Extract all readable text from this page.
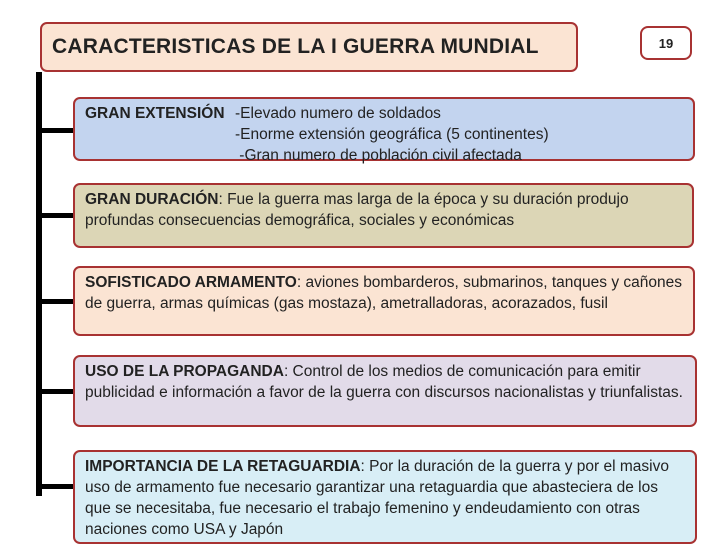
CARACTERISTICAS DE LA I GUERRA MUNDIAL	19
GRAN EXTENSIÓN -Elevado numero de soldados
-Enorme extensión geográfica (5 continentes)
-Gran numero de población civil afectada
GRAN DURACIÓN: Fue la guerra mas larga de la época y su duración produjo profundas consecuencias demográfica, sociales y económicas
SOFISTICADO ARMAMENTO: aviones bombarderos, submarinos, tanques y cañones de guerra, armas químicas (gas mostaza), ametralladoras, acorazados, fusil
USO DE LA PROPAGANDA: Control de los medios de comunicación para emitir publicidad e información a favor de la guerra con discursos nacionalistas y triunfalistas.
IMPORTANCIA DE LA RETAGUARDIA: Por la duración de la guerra y por el masivo uso de armamento fue necesario garantizar una retaguardia que abasteciera de los que se necesitaba, fue necesario el trabajo femenino y endeudamiento con otras naciones como USA y Japón
